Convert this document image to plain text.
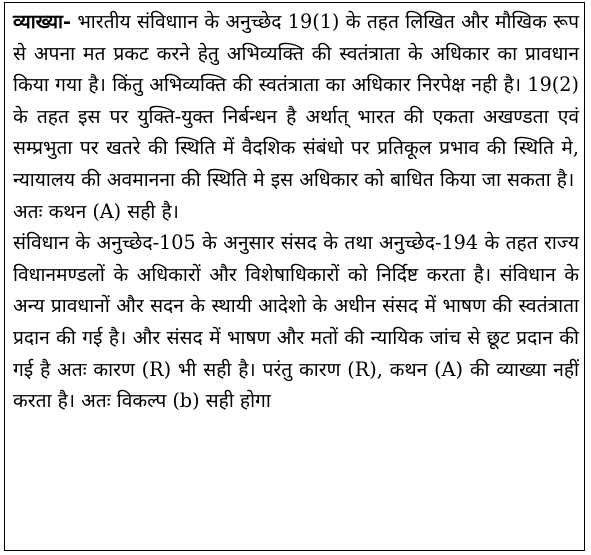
व्याख्या- भारतीय संविधाान के अनुच्छेद 19(1) के तहत लिखित और मौखिक रूप से अपना मत प्रकट करने हेतु अभिव्यक्ति की स्वतंत्राता के अधिकार का प्रावधान किया गया है। किंतु अभिव्यक्ति की स्वतंत्राता का अधिकार निरपेक्ष नही है। 19(2) के तहत इस पर युक्ति-युक्त निर्बन्धन है अर्थात् भारत की एकता अखण्डता एवं सम्प्रभुता पर खतरे की स्थिति में वैदशिक संबंधो पर प्रतिकूल प्रभाव की स्थिति मे, न्यायालय की अवमानना की स्थिति मे इस अधिकार को बाधित किया जा सकता है।

अतः कथन (A) सही है।

संविधान के अनुच्छेद-105 के अनुसार संसद के तथा अनुच्छेद-194 के तहत राज्य विधानमण्डलों के अधिकारों और विशेषाधिकारों को निर्दिष्ट करता है। संविधान के अन्य प्रावधानों और सदन के स्थायी आदेशो के अधीन संसद में भाषण की स्वतंत्राता प्रदान की गई है। और संसद में भाषण और मतों की न्यायिक जांच से छूट प्रदान की गई है अतः कारण (R) भी सही है। परंतु कारण (R), कथन (A) की व्याख्या नहीं करता है। अतः विकल्प (b) सही होगा
